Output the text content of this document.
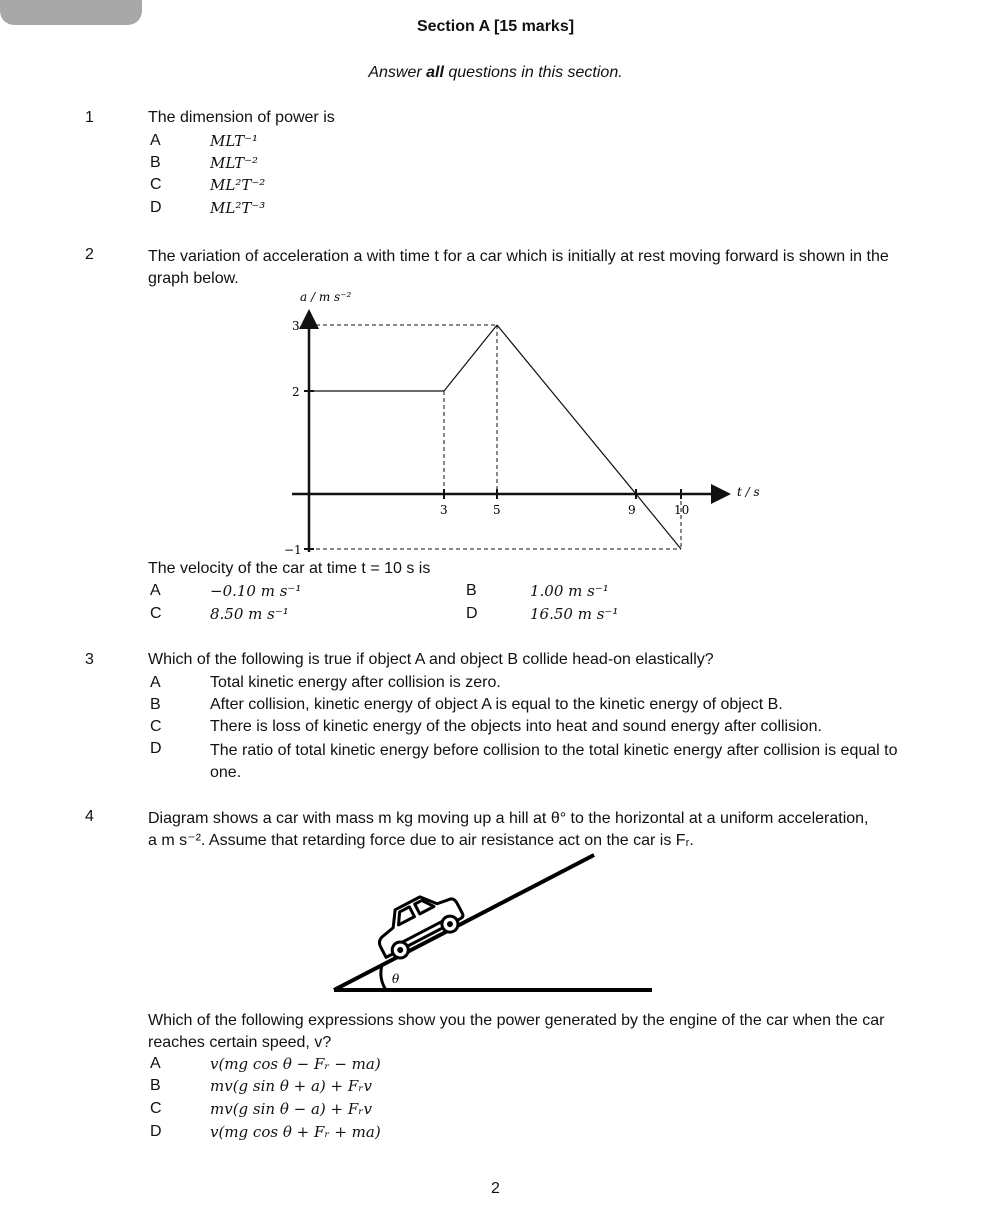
Section A [15 marks]
Answer all questions in this section.
1	The dimension of power is
A	MLT⁻¹
B	MLT⁻²
C	ML²T⁻²
D	ML²T⁻³
2	The variation of acceleration a with time t for a car which is initially at rest moving forward is shown in the graph below.
a / m s⁻²
t / s
3	5	9	10
3
2
−1
The velocity of the car at time t = 10 s is
A	−0.10 m s⁻¹	B	1.00 m s⁻¹
C	8.50 m s⁻¹	D	16.50 m s⁻¹
3	Which of the following is true if object A and object B collide head-on elastically?
A	Total kinetic energy after collision is zero.
B	After collision, kinetic energy of object A is equal to the kinetic energy of object B.
C	There is loss of kinetic energy of the objects into heat and sound energy after collision.
D	The ratio of total kinetic energy before collision to the total kinetic energy after collision is equal to one.
4	Diagram shows a car with mass m kg moving up a hill at θ° to the horizontal at a uniform acceleration, a m s⁻². Assume that retarding force due to air resistance act on the car is Fᵣ.
θ
Which of the following expressions show you the power generated by the engine of the car when the car reaches certain speed, v?
A	v(mg cos θ − Fᵣ − ma)
B	mv(g sin θ + a) + Fᵣv
C	mv(g sin θ − a) + Fᵣv
D	v(mg cos θ + Fᵣ + ma)
2
